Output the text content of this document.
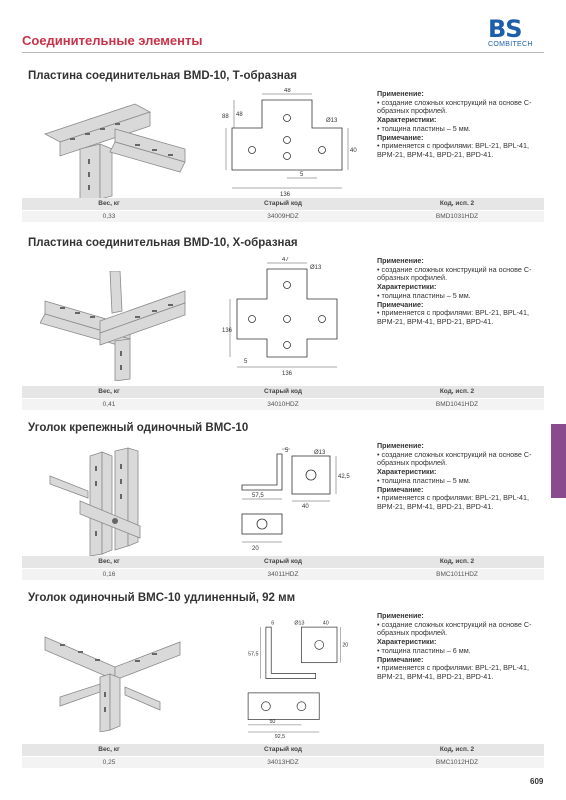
Соединительные элементы	BS
COMBITECH
Пластина соединительная BMD-10, Т-образная
48
88 48
Ø13
40
5
136
Применение:
• создание сложных конструкций на основе С-образных профилей.
Характеристики:
• толщина пластины – 5 мм.
Примечание:
• применяется с профилями: BPL-21, BPL-41, BPM-21, BPM-41, BPD-21, BPD-41.
Вес, кг	Старый код	Код, исп. 2
0,33	34009HDZ	BMD1031HDZ
Пластина соединительная BMD-10, Х-образная
47
Ø13
136
5
136
Применение:
• создание сложных конструкций на основе С-образных профилей.
Характеристики:
• толщина пластины – 5 мм.
Примечание:
• применяется с профилями: BPL-21, BPL-41, BPM-21, BPM-41, BPD-21, BPD-41.
Вес, кг	Старый код	Код, исп. 2
0,41	34010HDZ	BMD1041HDZ
Уголок крепежный одиночный BMC-10
5	Ø13
42,5
57,5
40
20
Применение:
• создание сложных конструкций на основе С-образных профилей.
Характеристики:
• толщина пластины – 5 мм.
Примечание:
• применяется с профилями: BPL-21, BPL-41, BPM-21, BPM-41, BPD-21, BPD-41.
Вес, кг	Старый код	Код, исп. 2
0,16	34011HDZ	BMC1011HDZ
Уголок одиночный BMC-10 удлиненный, 92 мм
6	Ø13	40
57,5
20
50
92,5
Применение:
• создание сложных конструкций на основе С-образных профилей.
Характеристики:
• толщина пластины – 6 мм.
Примечание:
• применяется с профилями: BPL-21, BPL-41, BPM-21, BPM-41, BPD-21, BPD-41.
Вес, кг	Старый код	Код, исп. 2
0,25	34013HDZ	BMC1012HDZ
609
